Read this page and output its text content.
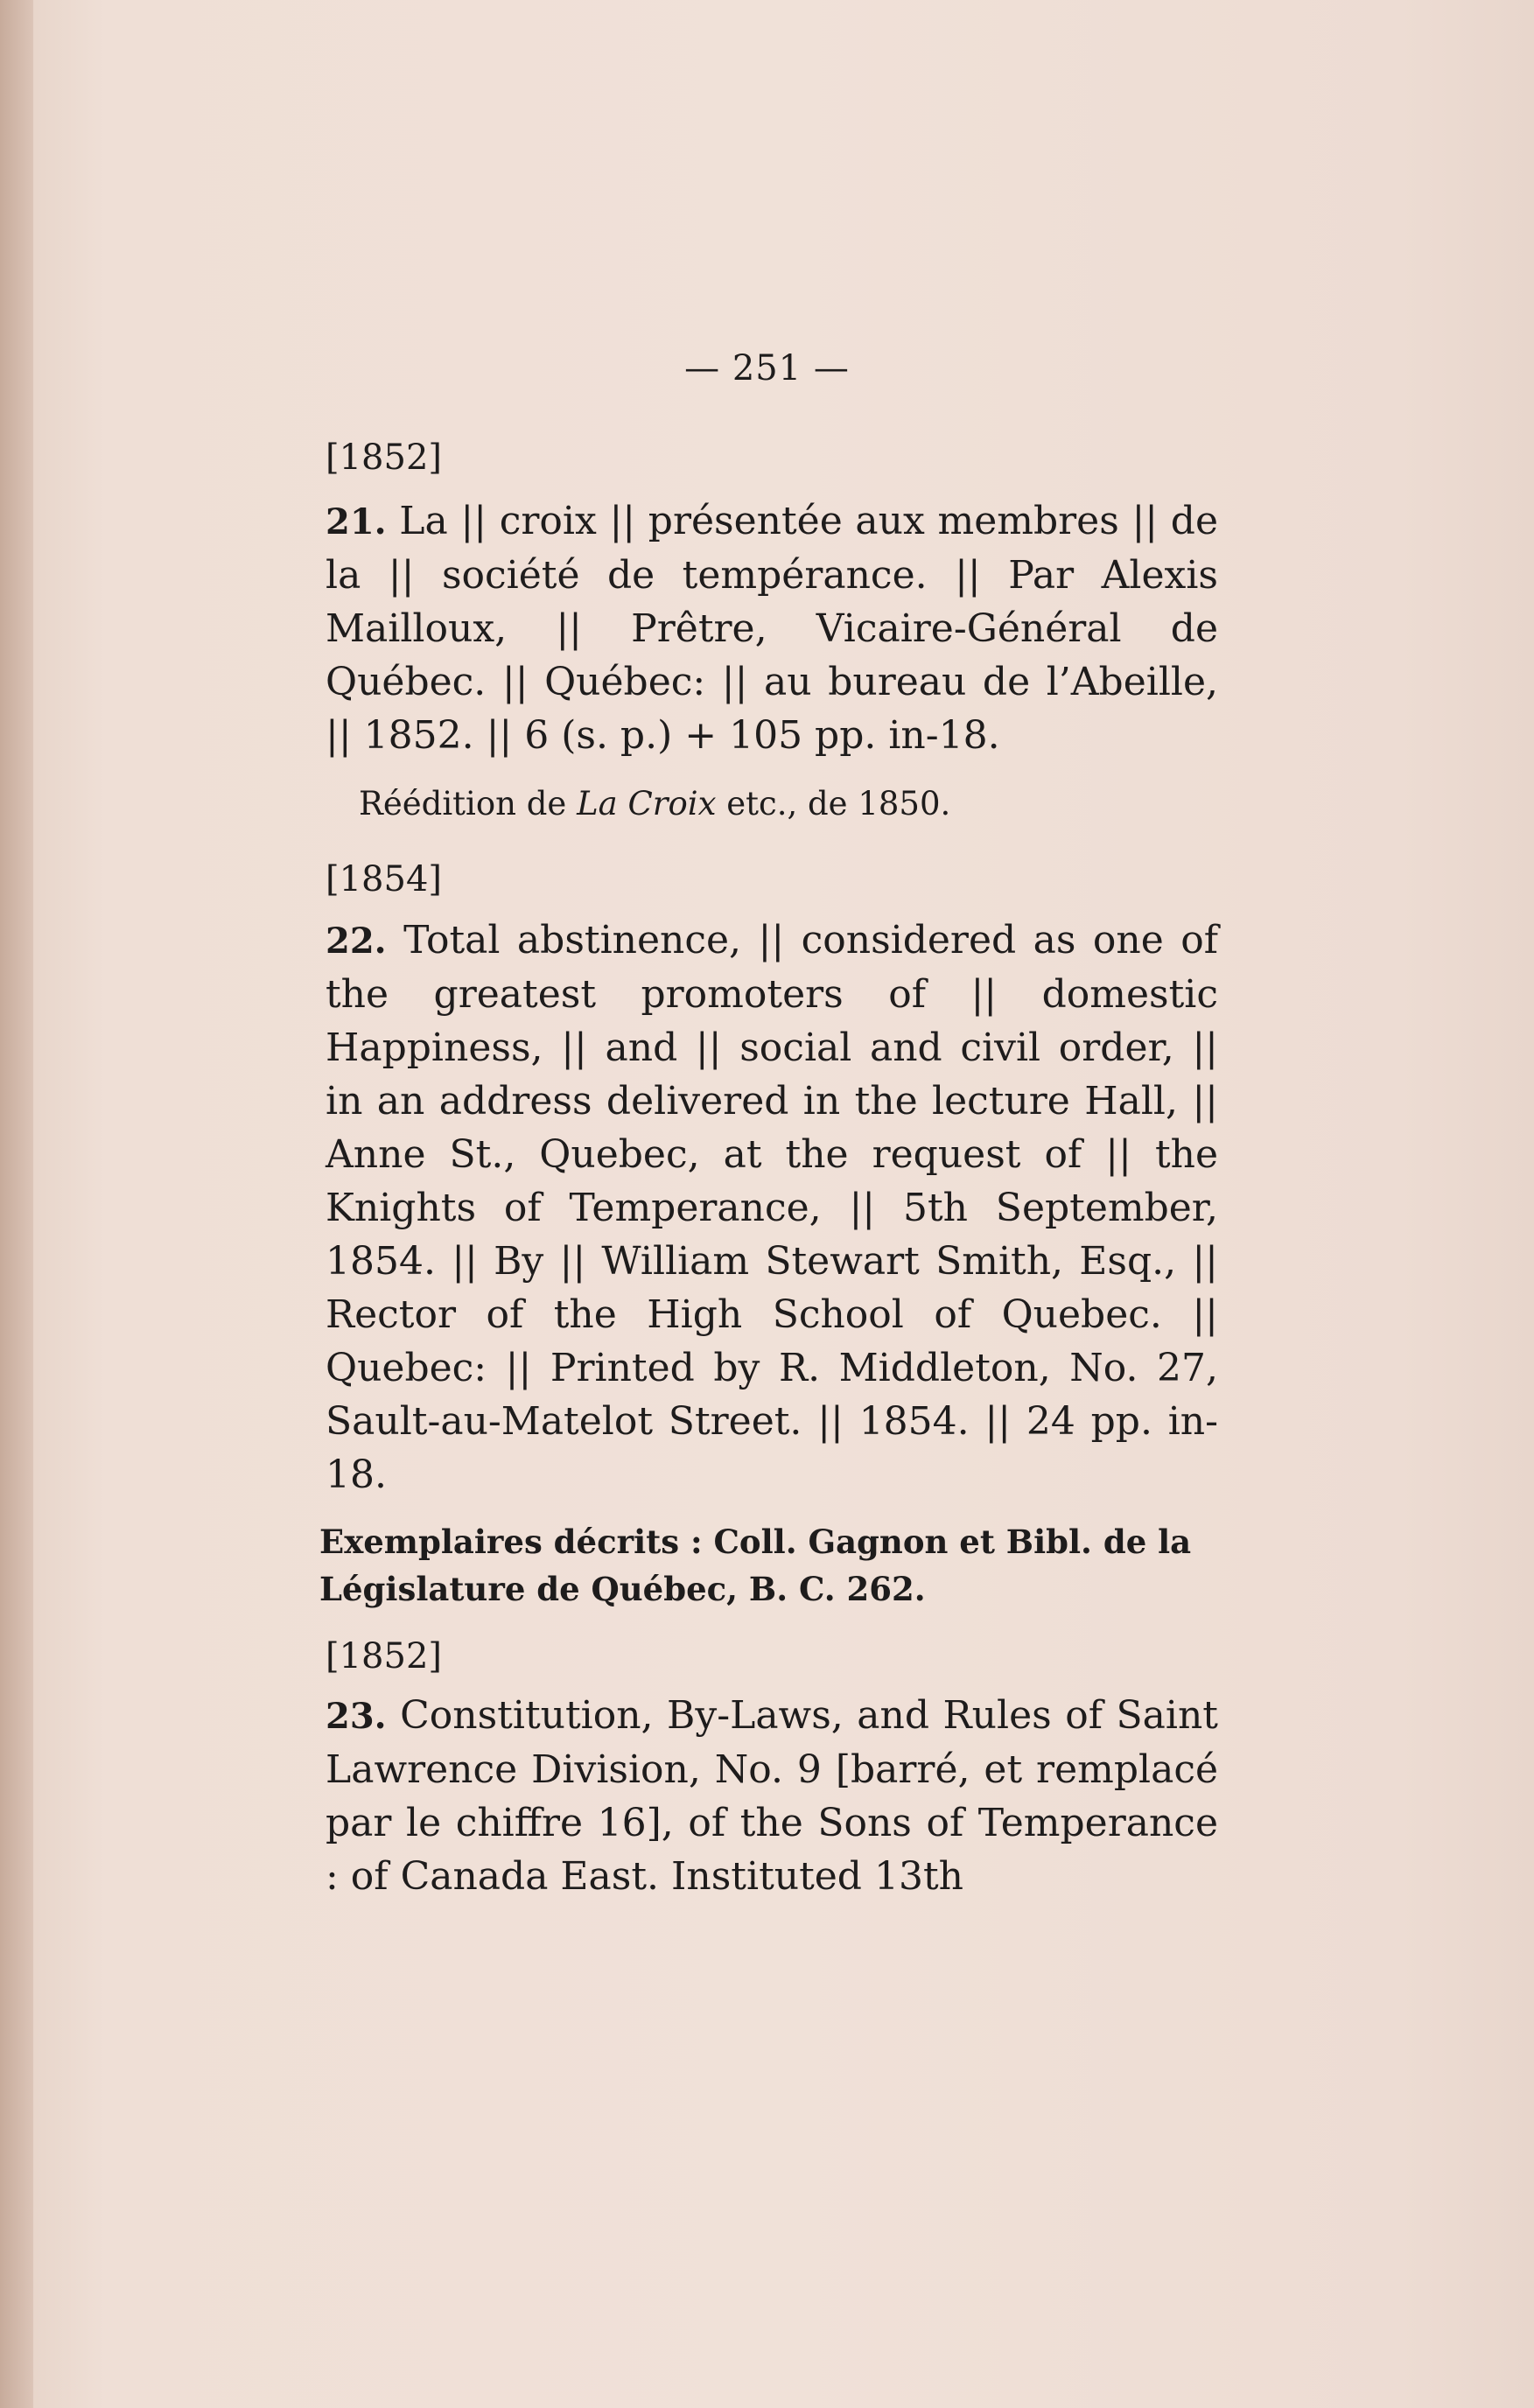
— 251 —
[1852]

21. La || croix || présentée aux membres || de la || société de tempérance. || Par Alexis Mailloux, || Prêtre, Vicaire-Général de Québec. || Québec: || au bureau de l’Abeille, || 1852. || 6 (s. p.) + 105 pp. in-18.

Réédition de La Croix etc., de 1850.
[1854]

22. Total abstinence, || considered as one of the greatest promoters of || domestic Happiness, || and || social and civil order, || in an address delivered in the lecture Hall, || Anne St., Quebec, at the request of || the Knights of Temperance, || 5th September, 1854. || By || William Stewart Smith, Esq., || Rector of the High School of Quebec. || Quebec: || Printed by R. Middleton, No. 27, Sault-au-Matelot Street. || 1854. || 24 pp. in-18.

Exemplaires décrits : Coll. Gagnon et Bibl. de la Législature de Québec, B. C. 262.
[1852]

23. Constitution, By-Laws, and Rules of Saint Lawrence Division, No. 9 [barré, et remplacé par le chiffre 16], of the Sons of Temperance : of Canada East. Instituted 13th
